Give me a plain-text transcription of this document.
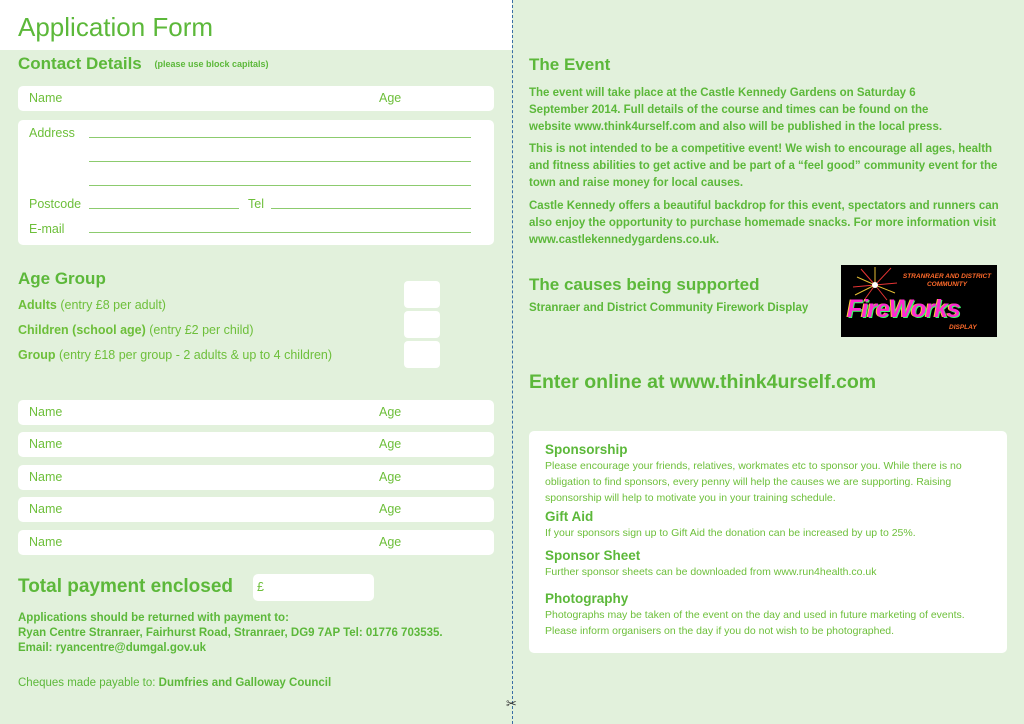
Application Form
Contact Details (please use block capitals)
Name	Age
Address
Postcode	Tel
E-mail
Age Group
Adults (entry £8 per adult)
Children (school age) (entry £2 per child)
Group (entry £18 per group - 2 adults & up to 4 children)
Name	Age
Name	Age
Name	Age
Name	Age
Name	Age
Total payment enclosed £
Applications should be returned with payment to:
Ryan Centre Stranraer, Fairhurst Road, Stranraer, DG9 7AP Tel: 01776 703535.
Email: ryancentre@dumgal.gov.uk
Cheques made payable to: Dumfries and Galloway Council
✂
The Event
The event will take place at the Castle Kennedy Gardens on Saturday 6 September 2014. Full details of the course and times can be found on the website www.think4urself.com and also will be published in the local press.
This is not intended to be a competitive event! We wish to encourage all ages, health and fitness abilities to get active and be part of a “feel good” community event for the town and raise money for local causes.
Castle Kennedy offers a beautiful backdrop for this event, spectators and runners can also enjoy the opportunity to purchase homemade snacks. For more information visit www.castlekennedygardens.co.uk.
The causes being supported
Stranraer and District Community Firework Display
STRANRAER AND DISTRICT COMMUNITY
FireWorks
DISPLAY
Enter online at www.think4urself.com
Sponsorship
Please encourage your friends, relatives, workmates etc to sponsor you. While there is no obligation to find sponsors, every penny will help the causes we are supporting. Raising sponsorship will help to motivate you in your training schedule.
Gift Aid
If your sponsors sign up to Gift Aid the donation can be increased by up to 25%.
Sponsor Sheet
Further sponsor sheets can be downloaded from www.run4health.co.uk
Photography
Photographs may be taken of the event on the day and used in future marketing of events. Please inform organisers on the day if you do not wish to be photographed.
